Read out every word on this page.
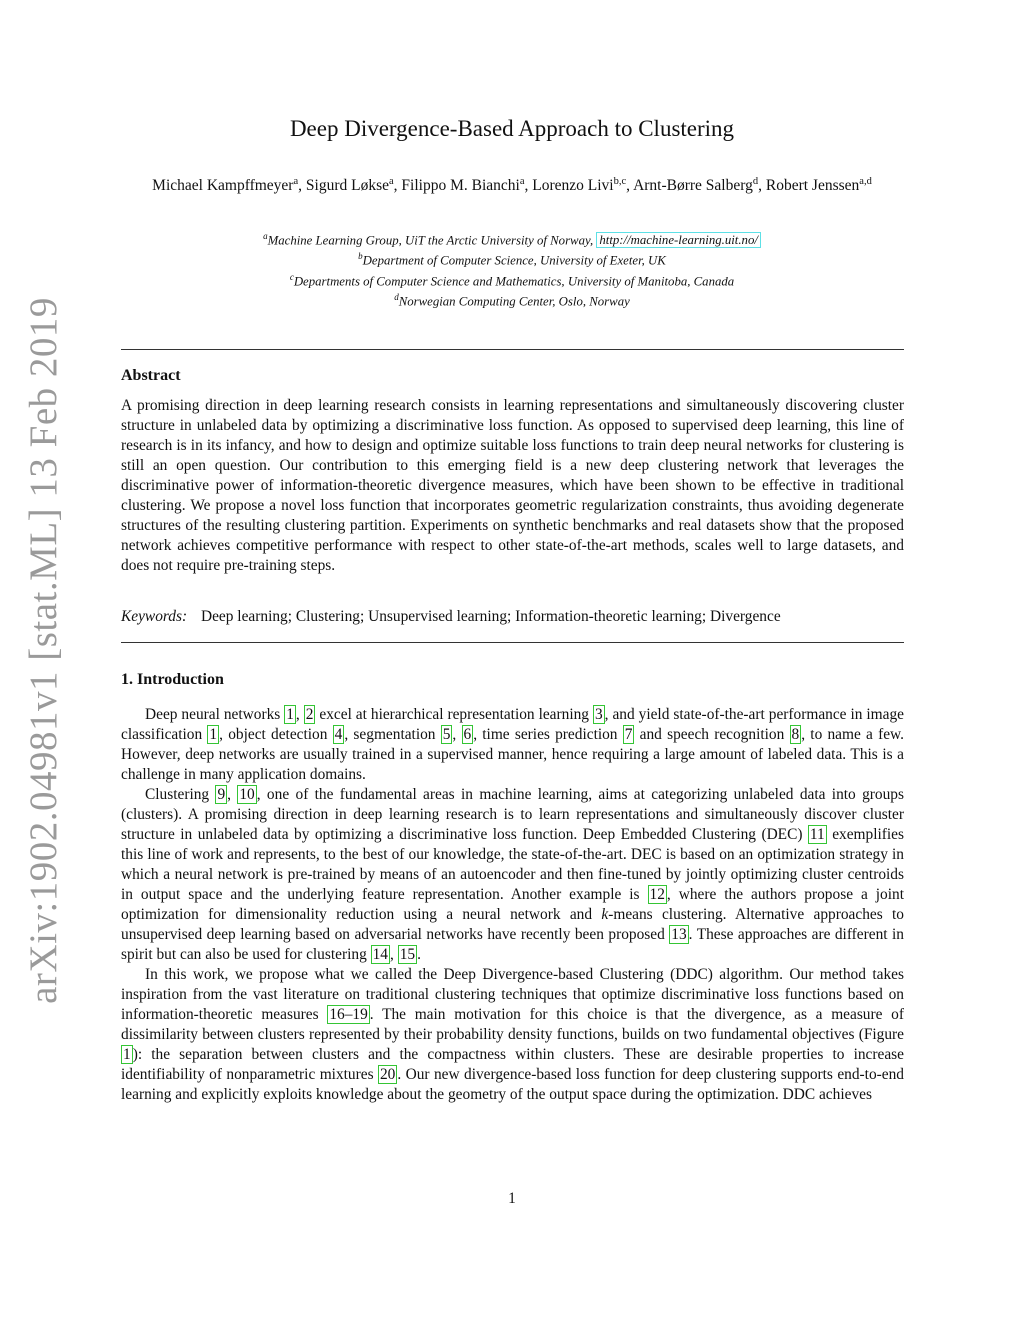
arXiv:1902.04981v1 [stat.ML] 13 Feb 2019
Deep Divergence-Based Approach to Clustering
Michael Kampffmeyer$^a$, Sigurd Løkse$^a$, Filippo M. Bianchi$^a$, Lorenzo Livi$^{b,c}$, Arnt-Børre Salberg$^d$, Robert Jenssen$^{a,d}$
$^a$Machine Learning Group, UiT the Arctic University of Norway, http://machine-learning.uit.no/
$^b$Department of Computer Science, University of Exeter, UK
$^c$Departments of Computer Science and Mathematics, University of Manitoba, Canada
$^d$Norwegian Computing Center, Oslo, Norway
Abstract
A promising direction in deep learning research consists in learning representations and simultaneously discovering cluster structure in unlabeled data by optimizing a discriminative loss function. As opposed to supervised deep learning, this line of research is in its infancy, and how to design and optimize suitable loss functions to train deep neural networks for clustering is still an open question. Our contribution to this emerging field is a new deep clustering network that leverages the discriminative power of information-theoretic divergence measures, which have been shown to be effective in traditional clustering. We propose a novel loss function that incorporates geometric regularization constraints, thus avoiding degenerate structures of the resulting clustering partition. Experiments on synthetic benchmarks and real datasets show that the proposed network achieves competitive performance with respect to other state-of-the-art methods, scales well to large datasets, and does not require pre-training steps.
Keywords: Deep learning; Clustering; Unsupervised learning; Information-theoretic learning; Divergence
1. Introduction

Deep neural networks 1 , 2 excel at hierarchical representation learning 3 , and yield state-of-the-art performance in image classification 1 , object detection 4 , segmentation 5 , 6 , time series prediction 7 and speech recognition 8 , to name a few. However, deep networks are usually trained in a supervised manner, hence requiring a large amount of labeled data. This is a challenge in many application domains.

Clustering 9 , 10 , one of the fundamental areas in machine learning, aims at categorizing unlabeled data into groups (clusters). A promising direction in deep learning research is to learn representations and simultaneously discover cluster structure in unlabeled data by optimizing a discriminative loss function. Deep Embedded Clustering (DEC) 11 exemplifies this line of work and represents, to the best of our knowledge, the state-of-the-art. DEC is based on an optimization strategy in which a neural network is pre-trained by means of an autoencoder and then fine-tuned by jointly optimizing cluster centroids in output space and the underlying feature representation. Another example is 12 , where the authors propose a joint optimization for dimensionality reduction using a neural network and k-means clustering. Alternative approaches to unsupervised deep learning based on adversarial networks have recently been proposed 13 . These approaches are different in spirit but can also be used for clustering 14 , 15 .

In this work, we propose what we called the Deep Divergence-based Clustering (DDC) algorithm. Our method takes inspiration from the vast literature on traditional clustering techniques that optimize discriminative loss functions based on information-theoretic measures 16–19 . The main motivation for this choice is that the divergence, as a measure of dissimilarity between clusters represented by their probability density functions, builds on two fundamental objectives (Figure 1 ): the separation between clusters and the compactness within clusters. These are desirable properties to increase identifiability of nonparametric mixtures 20 . Our new divergence-based loss function for deep clustering supports end-to-end learning and explicitly exploits knowledge about the geometry of the output space during the optimization. DDC achieves

1
